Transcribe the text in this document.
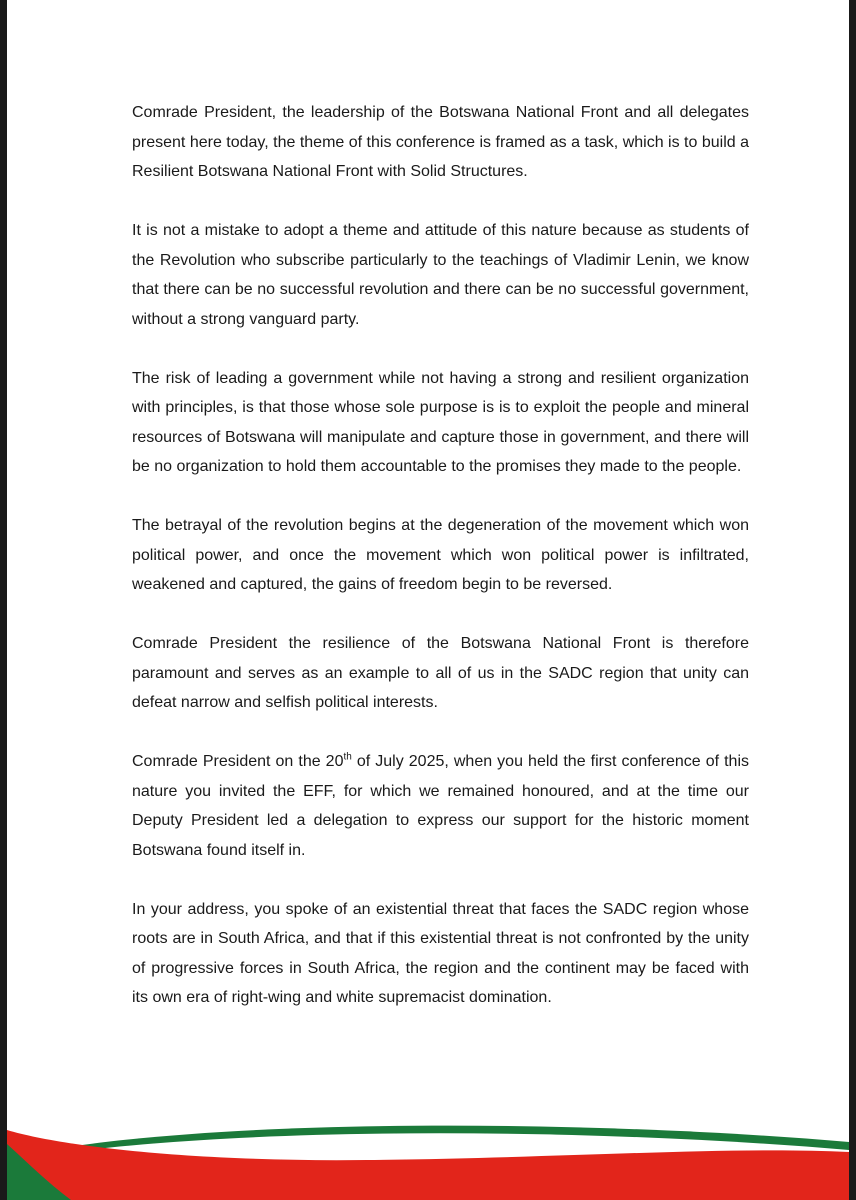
Comrade President, the leadership of the Botswana National Front and all delegates present here today, the theme of this conference is framed as a task, which is to build a Resilient Botswana National Front with Solid Structures.

It is not a mistake to adopt a theme and attitude of this nature because as students of the Revolution who subscribe particularly to the teachings of Vladimir Lenin, we know that there can be no successful revolution and there can be no successful government, without a strong vanguard party.

The risk of leading a government while not having a strong and resilient organization with principles, is that those whose sole purpose is is to exploit the people and mineral resources of Botswana will manipulate and capture those in government, and there will be no organization to hold them accountable to the promises they made to the people.

The betrayal of the revolution begins at the degeneration of the movement which won political power, and once the movement which won political power is infiltrated, weakened and captured, the gains of freedom begin to be reversed.

Comrade President the resilience of the Botswana National Front is therefore paramount and serves as an example to all of us in the SADC region that unity can defeat narrow and selfish political interests.

Comrade President on the 20th of July 2025, when you held the first conference of this nature you invited the EFF, for which we remained honoured, and at the time our Deputy President led a delegation to express our support for the historic moment Botswana found itself in.

In your address, you spoke of an existential threat that faces the SADC region whose roots are in South Africa, and that if this existential threat is not confronted by the unity of progressive forces in South Africa, the region and the continent may be faced with its own era of right-wing and white supremacist domination.
